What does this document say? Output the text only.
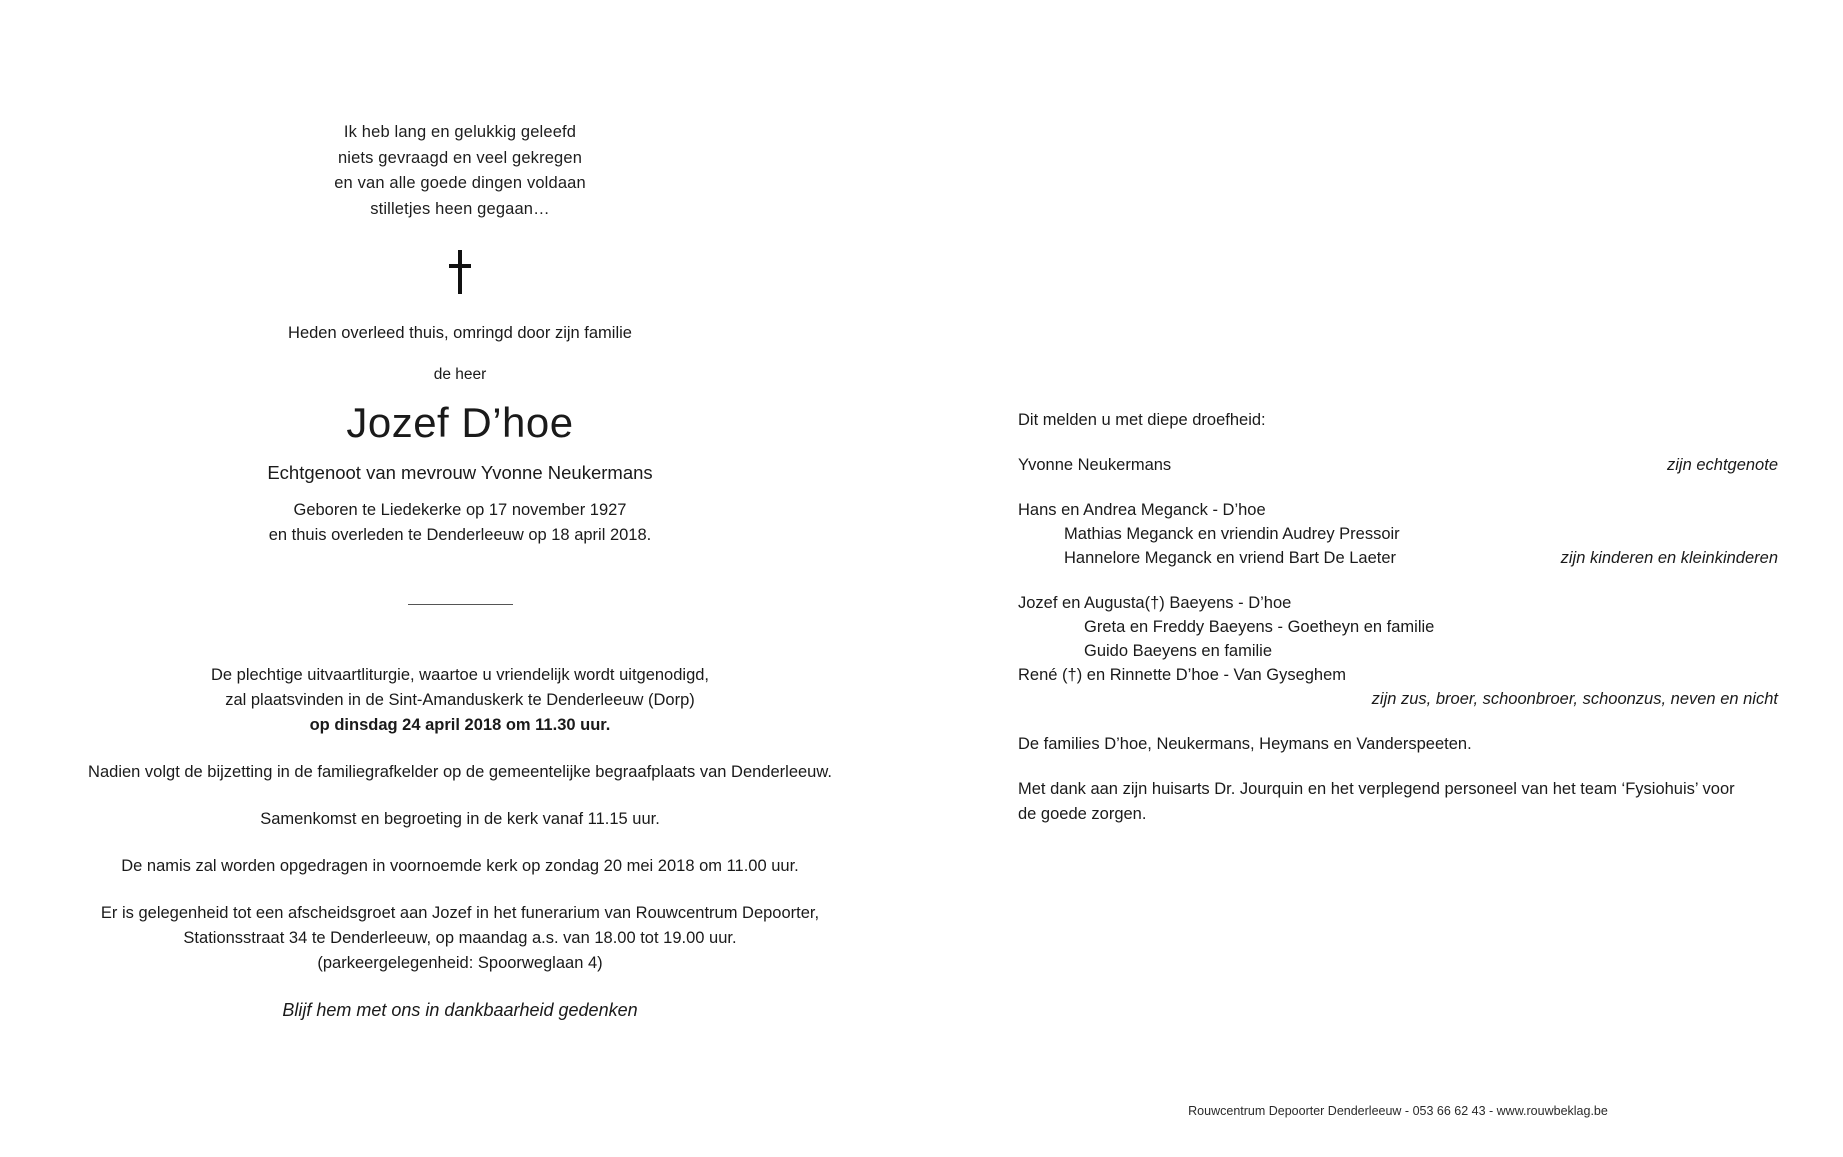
Ik heb lang en gelukkig geleefd
niets gevraagd en veel gekregen
en van alle goede dingen voldaan
stilletjes heen gegaan…
Heden overleed thuis, omringd door zijn familie
de heer
Jozef D’hoe
Echtgenoot van mevrouw Yvonne Neukermans
Geboren te Liedekerke op 17 november 1927
en thuis overleden te Denderleeuw op 18 april 2018.

De plechtige uitvaartliturgie, waartoe u vriendelijk wordt uitgenodigd,
zal plaatsvinden in de Sint-Amanduskerk te Denderleeuw (Dorp)
op dinsdag 24 april 2018 om 11.30 uur.

Nadien volgt de bijzetting in de familiegrafkelder op de gemeentelijke begraafplaats van Denderleeuw.

Samenkomst en begroeting in de kerk vanaf 11.15 uur.

De namis zal worden opgedragen in voornoemde kerk op zondag 20 mei 2018 om 11.00 uur.

Er is gelegenheid tot een afscheidsgroet aan Jozef in het funerarium van Rouwcentrum Depoorter,
Stationsstraat 34 te Denderleeuw, op maandag a.s. van 18.00 tot 19.00 uur.
(parkeergelegenheid: Spoorweglaan 4)

Blijf hem met ons in dankbaarheid gedenken

Dit melden u met diepe droefheid:
Yvonne Neukermans	zijn echtgenote
Hans en Andrea Meganck - D’hoe
Mathias Meganck en vriendin Audrey Pressoir
Hannelore Meganck en vriend Bart De Laeter	zijn kinderen en kleinkinderen
Jozef en Augusta(†) Baeyens - D’hoe
Greta en Freddy Baeyens - Goetheyn en familie
Guido Baeyens en familie
René (†) en Rinnette D’hoe - Van Gyseghem
zijn zus, broer, schoonbroer, schoonzus, neven en nicht
De families D’hoe, Neukermans, Heymans en Vanderspeeten.
Met dank aan zijn huisarts Dr. Jourquin en het verplegend personeel van het team ‘Fysiohuis’ voor
de goede zorgen.
Rouwcentrum Depoorter Denderleeuw - 053 66 62 43 - www.rouwbeklag.be
